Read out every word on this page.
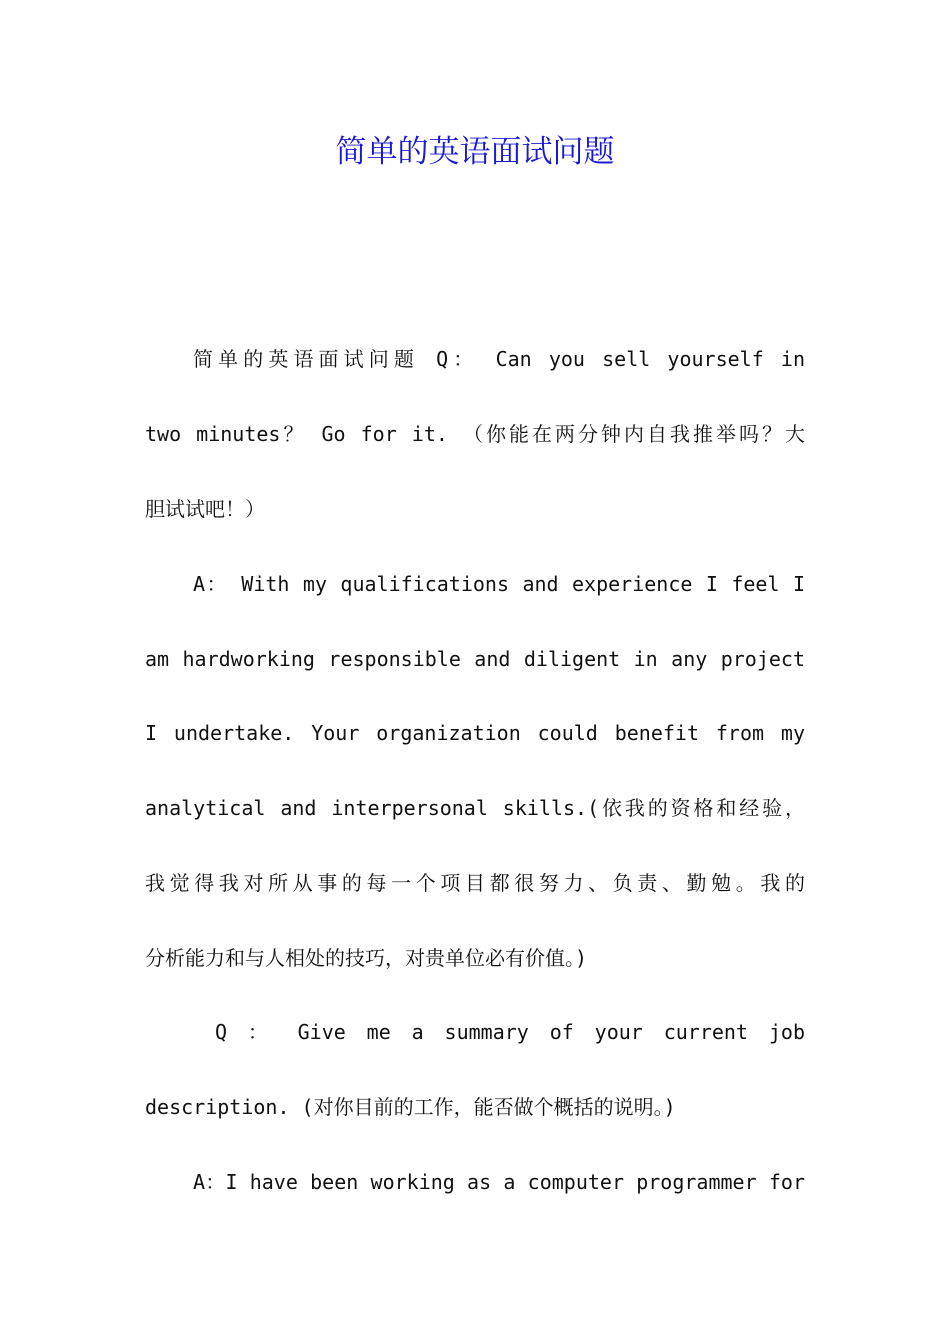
简单的英语面试问题
简单的英语面试问题 Q： Can you sell yourself in
two minutes？ Go for it. （你能在两分钟内自我推举吗？大
胆试试吧！）
A： With my qualifications and experience I feel I
am hardworking responsible and diligent in any project
I undertake. Your organization could benefit from my
analytical and interpersonal skills.(依我的资格和经验，
我觉得我对所从事的每一个项目都很努力、负责、勤勉。我的
分析能力和与人相处的技巧，对贵单位必有价值。)
Q ： Give me a summary of your current job
description. (对你目前的工作，能否做个概括的说明。)
A：I have been working as a computer programmer for
